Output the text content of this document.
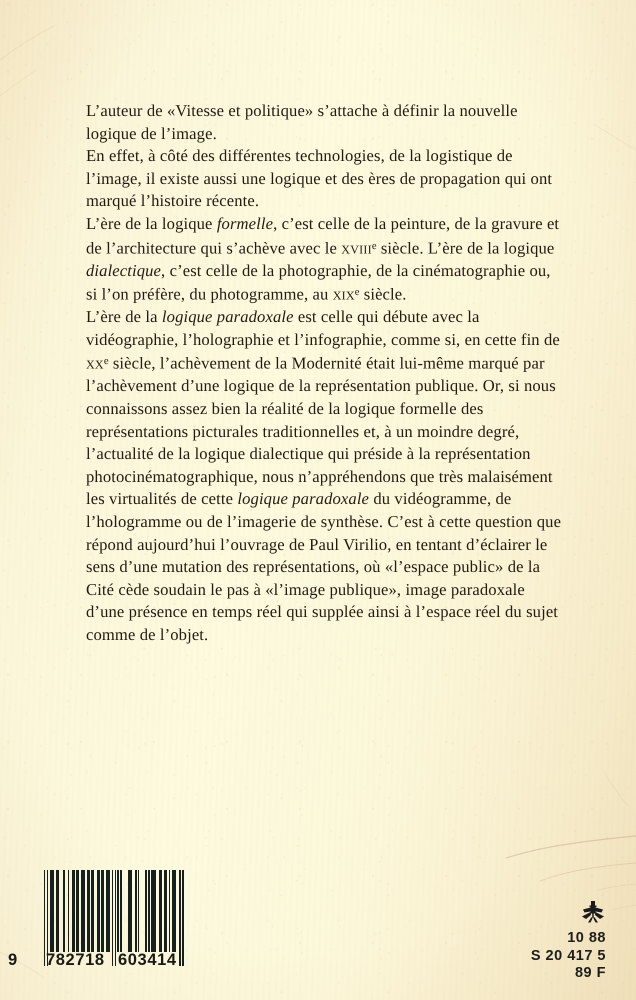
L’auteur de «Vitesse et politique» s’attache à définir la nouvelle logique de l’image.

En effet, à côté des différentes technologies, de la logistique de l’image, il existe aussi une logique et des ères de propagation qui ont marqué l’histoire récente.

L’ère de la logique formelle, c’est celle de la peinture, de la gravure et de l’architecture qui s’achève avec le xviii$^e$ siècle. L’ère de la logique dialectique, c’est celle de la photographie, de la cinématographie ou, si l’on préfère, du photogramme, au xix$^e$ siècle.

L’ère de la logique paradoxale est celle qui débute avec la vidéographie, l’holographie et l’infographie, comme si, en cette fin de $xx^e$ siècle, l’achèvement de la Modernité était lui-même marqué par l’achèvement d’une logique de la représentation publique. Or, si nous connaissons assez bien la réalité de la logique formelle des représentations picturales traditionnelles et, à un moindre degré, l’actualité de la logique dialectique qui préside à la représentation photocinématographique, nous n’appréhendons que très malaisément les virtualités de cette logique paradoxale du vidéogramme, de l’hologramme ou de l’imagerie de synthèse. C’est à cette question que répond aujourd’hui l’ouvrage de Paul Virilio, en tentant d’éclairer le sens d’une mutation des représentations, où «l’espace public» de la Cité cède soudain le pas à «l’image publique», image paradoxale d’une présence en temps réel qui supplée ainsi à l’espace réel du sujet comme de l’objet.

9 782718 603414
10 88
S 20 417 5
89 F
